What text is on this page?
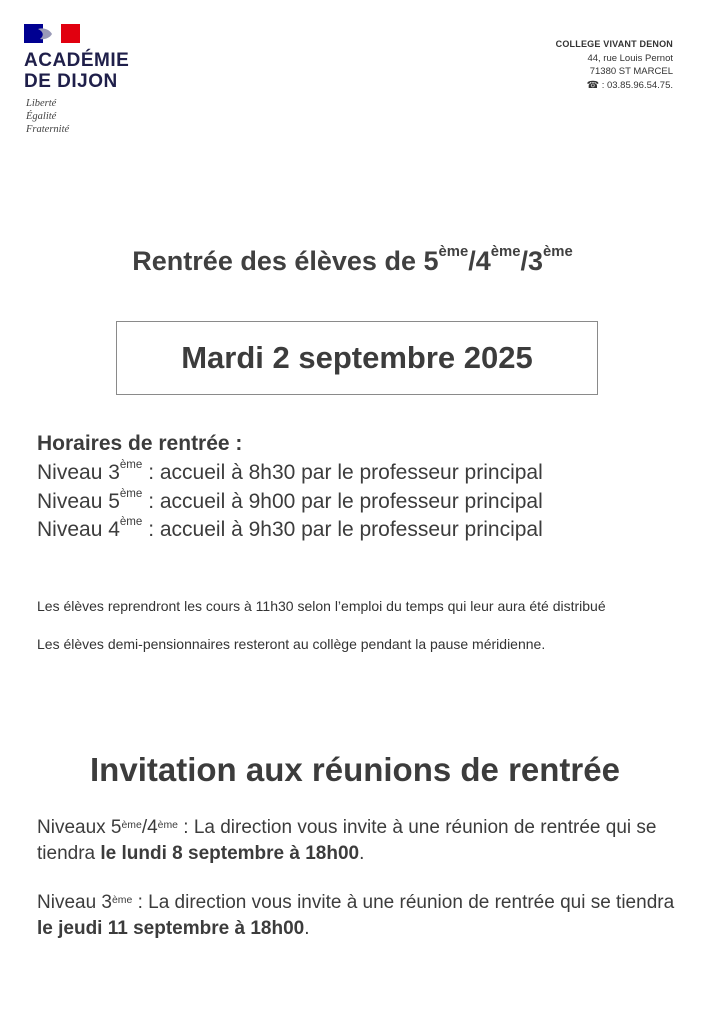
ACADÉMIE
DE DIJON
Liberté
Égalité
Fraternité
COLLEGE VIVANT DENON
44, rue Louis Pernot
71380 ST MARCEL
☎ : 03.85.96.54.75.
Rentrée des élèves de 5ème/4ème/3ème
Mardi 2 septembre 2025
Horaires de rentrée :
Niveau 3ème : accueil à 8h30 par le professeur principal
Niveau 5ème : accueil à 9h00 par le professeur principal
Niveau 4ème : accueil à 9h30 par le professeur principal
Les élèves reprendront les cours à 11h30 selon l’emploi du temps qui leur aura été distribué
Les élèves demi-pensionnaires resteront au collège pendant la pause méridienne.
Invitation aux réunions de rentrée
Niveaux 5ème/4ème : La direction vous invite à une réunion de rentrée qui se tiendra le lundi 8 septembre à 18h00.
Niveau 3ème : La direction vous invite à une réunion de rentrée qui se tiendra le jeudi 11 septembre à 18h00.
